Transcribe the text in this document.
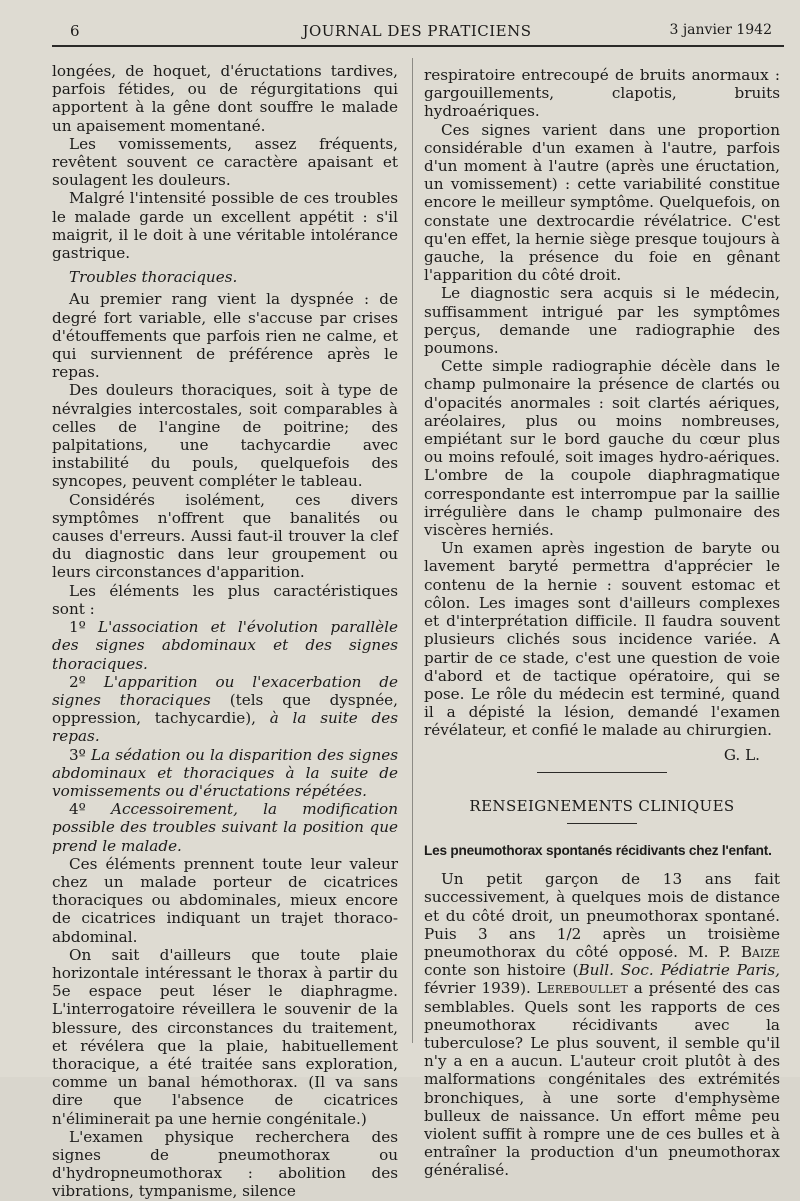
6	JOURNAL DES PRATICIENS	3 janvier 1942

longées, de hoquet, d'éructations tardives, parfois fétides, ou de régurgitations qui apportent à la gêne dont souffre le malade un apaisement momentané.

Les vomissements, assez fréquents, revêtent souvent ce caractère apaisant et soulagent les douleurs.

Malgré l'intensité possible de ces troubles le malade garde un excellent appétit : s'il maigrit, il le doit à une véritable intolérance gastrique.

Troubles thoraciques.

Au premier rang vient la dyspnée : de degré fort variable, elle s'accuse par crises d'étouffements que parfois rien ne calme, et qui surviennent de préférence après le repas.

Des douleurs thoraciques, soit à type de névralgies intercostales, soit comparables à celles de l'angine de poitrine; des palpitations, une tachycardie avec instabilité du pouls, quelquefois des syncopes, peuvent compléter le tableau.

Considérés isolément, ces divers symptômes n'offrent que banalités ou causes d'erreurs. Aussi faut-il trouver la clef du diagnostic dans leur groupement ou leurs circonstances d'apparition.

Les éléments les plus caractéristiques sont :

1º L'association et l'évolution parallèle des signes abdominaux et des signes thoraciques.

2º L'apparition ou l'exacerbation de signes thoraciques (tels que dyspnée, oppression, tachycardie), à la suite des repas.

3º La sédation ou la disparition des signes abdominaux et thoraciques à la suite de vomissements ou d'éructations répétées.

4º Accessoirement, la modification possible des troubles suivant la position que prend le malade.

Ces éléments prennent toute leur valeur chez un malade porteur de cicatrices thoraciques ou abdominales, mieux encore de cicatrices indiquant un trajet thoraco-abdominal.

On sait d'ailleurs que toute plaie horizontale intéressant le thorax à partir du 5e espace peut léser le diaphragme. L'interrogatoire réveillera le souvenir de la blessure, des circonstances du traitement, et révélera que la plaie, habituellement thoracique, a été traitée sans exploration, comme un banal hémothorax. (Il va sans dire que l'absence de cicatrices n'éliminerait pa une hernie congénitale.)

L'examen physique recherchera des signes de pneumothorax ou d'hydropneumothorax : abolition des vibrations, tympanisme, silence

respiratoire entrecoupé de bruits anormaux : gargouillements, clapotis, bruits hydroaériques.

Ces signes varient dans une proportion considérable d'un examen à l'autre, parfois d'un moment à l'autre (après une éructation, un vomissement) : cette variabilité constitue encore le meilleur symptôme. Quelquefois, on constate une dextrocardie révélatrice. C'est qu'en effet, la hernie siège presque toujours à gauche, la présence du foie en gênant l'apparition du côté droit.

Le diagnostic sera acquis si le médecin, suffisamment intrigué par les symptômes perçus, demande une radiographie des poumons.

Cette simple radiographie décèle dans le champ pulmonaire la présence de clartés ou d'opacités anormales : soit clartés aériques, aréolaires, plus ou moins nombreuses, empiétant sur le bord gauche du cœur plus ou moins refoulé, soit images hydro-aériques. L'ombre de la coupole diaphragmatique correspondante est interrompue par la saillie irrégulière dans le champ pulmonaire des viscères herniés.

Un examen après ingestion de baryte ou lavement baryté permettra d'apprécier le contenu de la hernie : souvent estomac et côlon. Les images sont d'ailleurs complexes et d'interprétation difficile. Il faudra souvent plusieurs clichés sous incidence variée. A partir de ce stade, c'est une question de voie d'abord et de tactique opératoire, qui se pose. Le rôle du médecin est terminé, quand il a dépisté la lésion, demandé l'examen révélateur, et confié le malade au chirurgien.

G. L.
RENSEIGNEMENTS CLINIQUES

Les pneumothorax spontanés récidivants chez l'enfant.

Un petit garçon de 13 ans fait successivement, à quelques mois de distance et du côté droit, un pneumothorax spontané. Puis 3 ans 1/2 après un troisième pneumothorax du côté opposé. M. P. Baize conte son histoire (Bull. Soc. Pédiatrie Paris, février 1939). Lereboullet a présenté des cas semblables. Quels sont les rapports de ces pneumothorax récidivants avec la tuberculose? Le plus souvent, il semble qu'il n'y a en a aucun. L'auteur croit plutôt à des malformations congénitales des extrémités bronchiques, à une sorte d'emphysème bulleux de naissance. Un effort même peu violent suffit à rompre une de ces bulles et à entraîner la production d'un pneumothorax généralisé.
